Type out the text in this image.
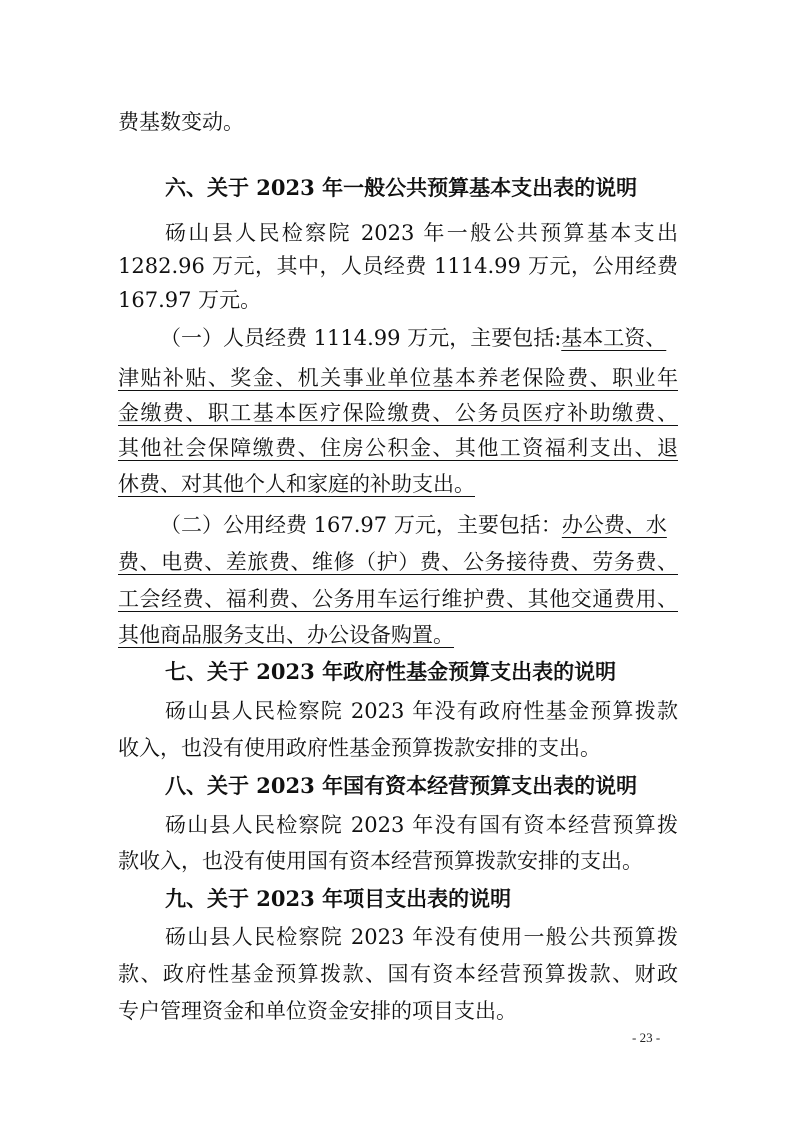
费基数变动。
六、关于 2023 年一般公共预算基本支出表的说明
砀山县人民检察院 2023 年一般公共预算基本支出
1282.96 万元，其中，人员经费 1114.99 万元，公用经费
167.97 万元。
（一）人员经费 1114.99 万元，主要包括:基本工资、
津贴补贴、奖金、机关事业单位基本养老保险费、职业年
金缴费、职工基本医疗保险缴费、公务员医疗补助缴费、
其他社会保障缴费、住房公积金、其他工资福利支出、退
休费、对其他个人和家庭的补助支出。
（二）公用经费 167.97 万元，主要包括：办公费、水
费、电费、差旅费、维修（护）费、公务接待费、劳务费、
工会经费、福利费、公务用车运行维护费、其他交通费用、
其他商品服务支出、办公设备购置。
七、关于 2023 年政府性基金预算支出表的说明
砀山县人民检察院 2023 年没有政府性基金预算拨款
收入，也没有使用政府性基金预算拨款安排的支出。
八、关于 2023 年国有资本经营预算支出表的说明
砀山县人民检察院 2023 年没有国有资本经营预算拨
款收入，也没有使用国有资本经营预算拨款安排的支出。
九、关于 2023 年项目支出表的说明
砀山县人民检察院 2023 年没有使用一般公共预算拨
款、政府性基金预算拨款、国有资本经营预算拨款、财政
专户管理资金和单位资金安排的项目支出。
- 23 -
